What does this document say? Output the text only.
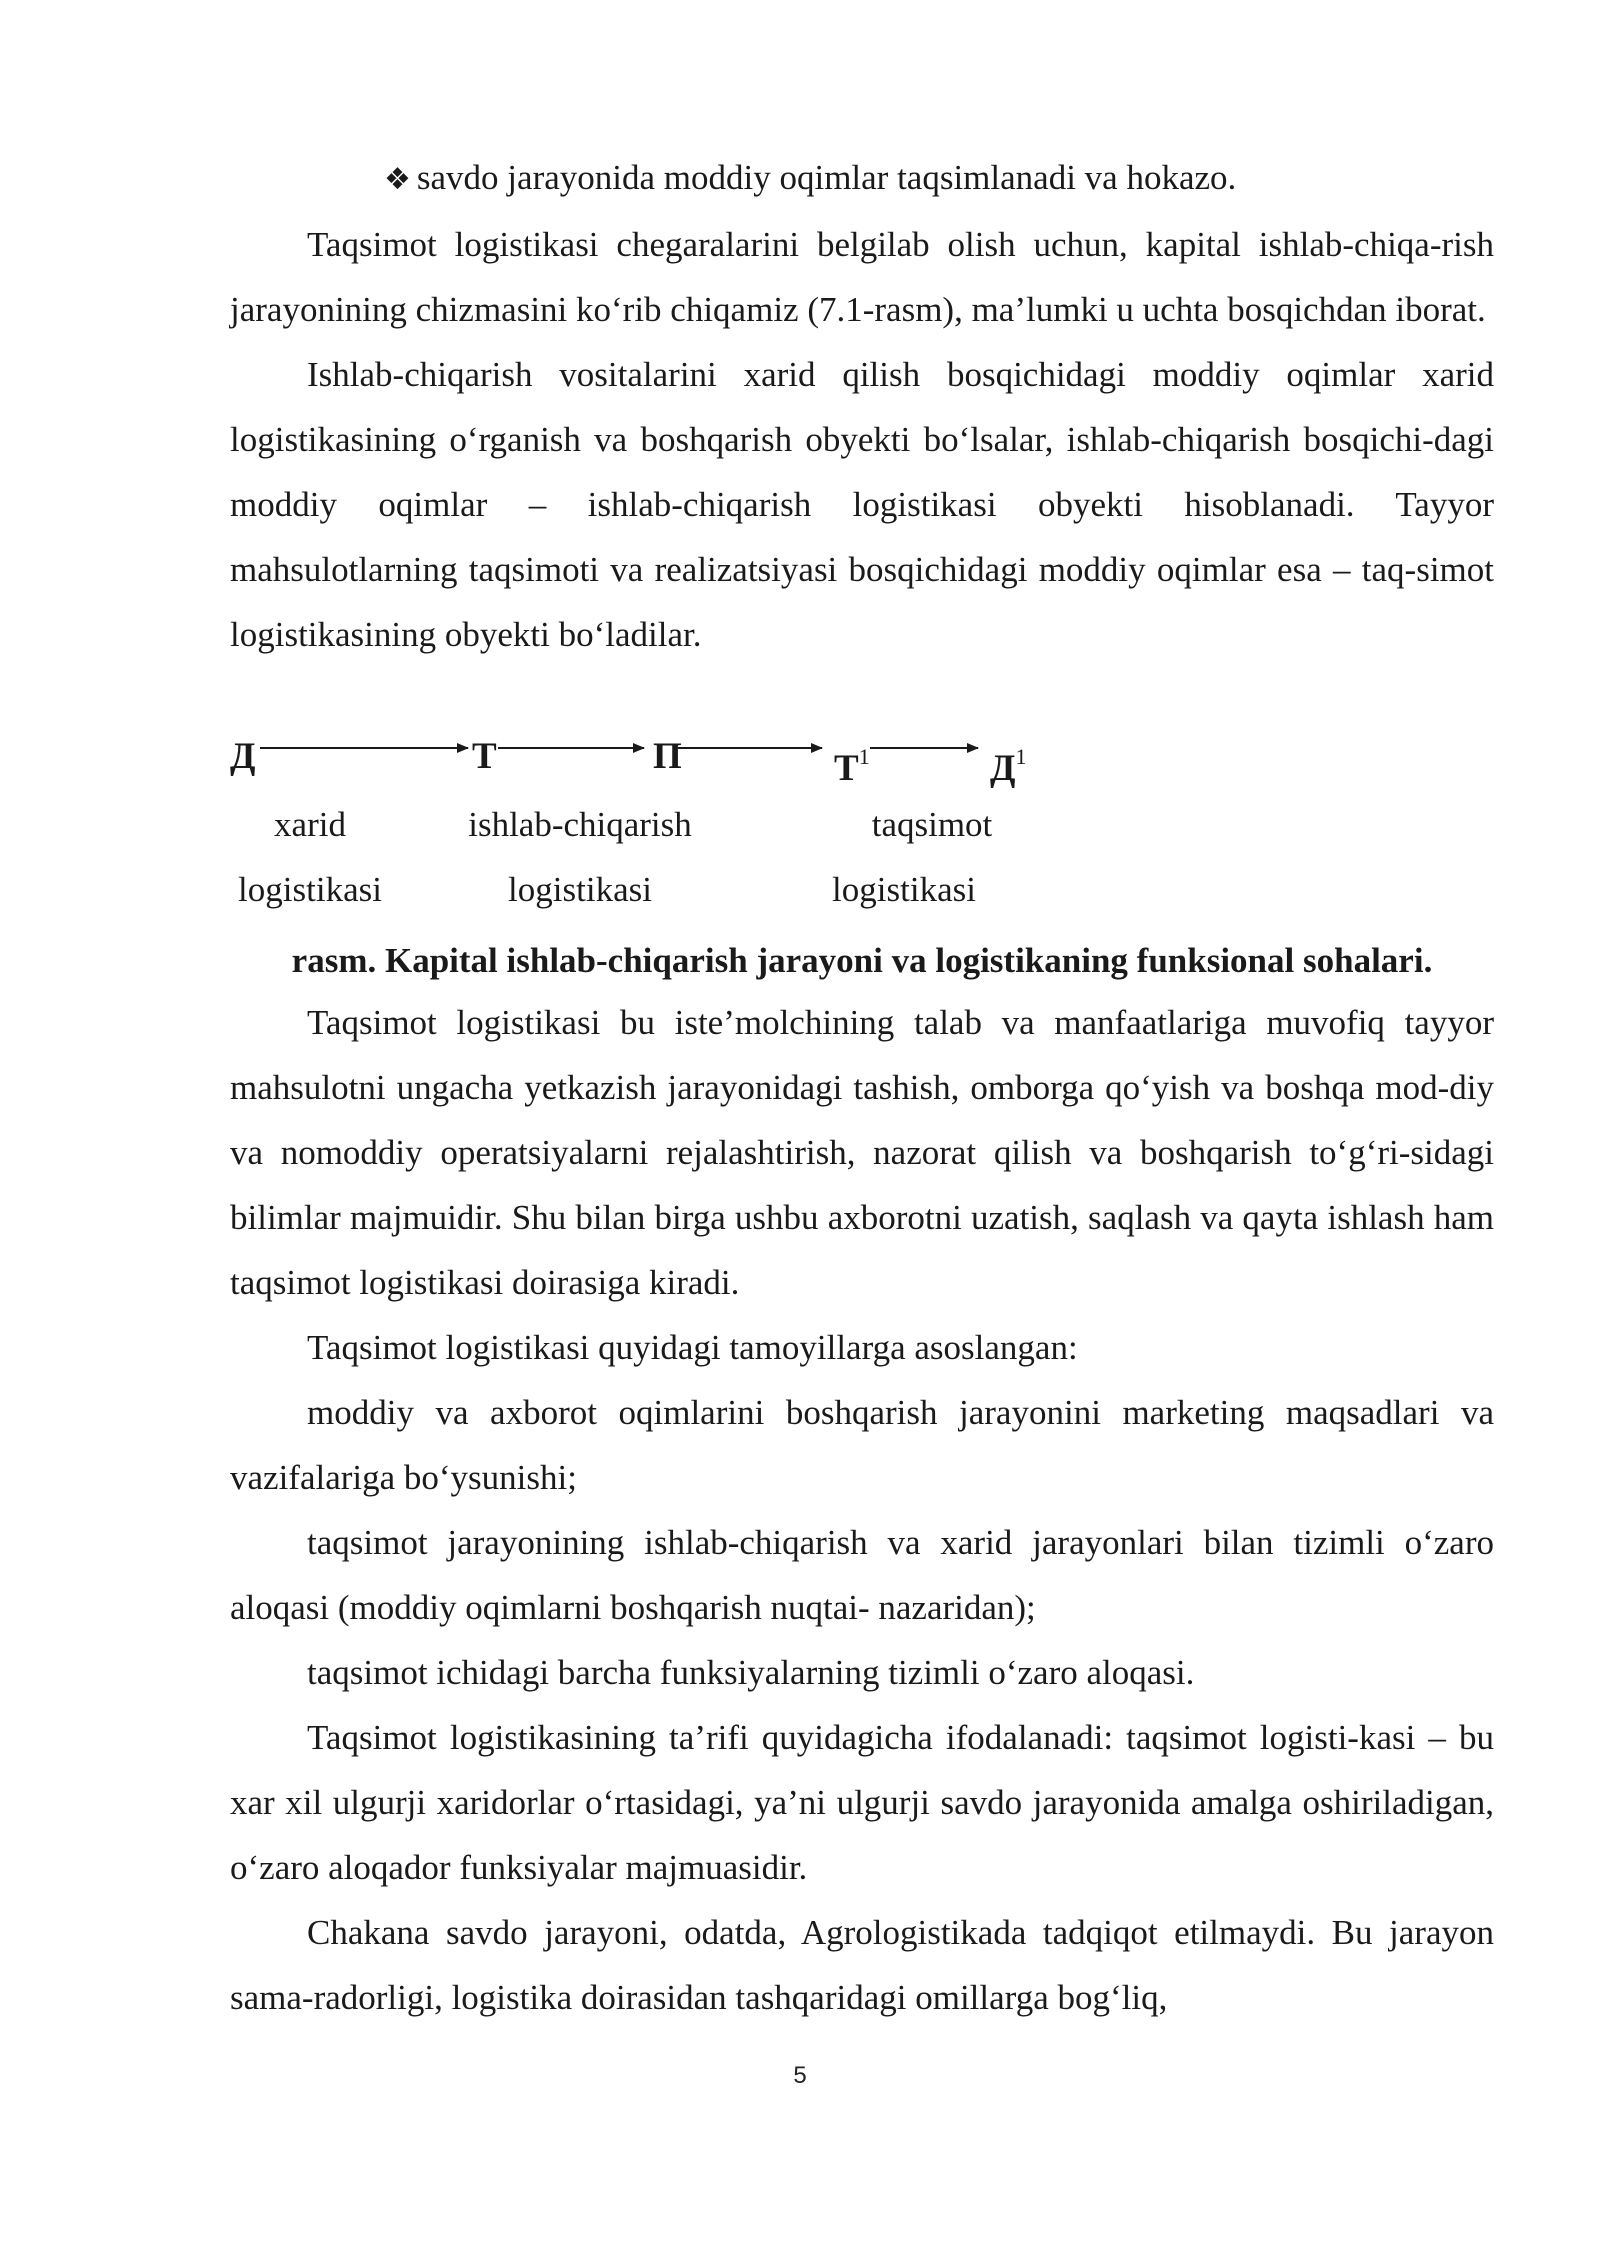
❖ savdo jarayonida moddiy oqimlar taqsimlanadi va hokazo.

Taqsimot logistikasi chegaralarini belgilab olish uchun, kapital ishlab-chiqa-rish jarayonining chizmasini ko‘rib chiqamiz (7.1-rasm), ma’lumki u uchta bosqichdan iborat.

Ishlab-chiqarish vositalarini xarid qilish bosqichidagi moddiy oqimlar xarid logistikasining o‘rganish va boshqarish obyekti bo‘lsalar, ishlab-chiqarish bosqichi-dagi moddiy oqimlar – ishlab-chiqarish logistikasi obyekti hisoblanadi. Tayyor mahsulotlarning taqsimoti va realizatsiyasi bosqichidagi moddiy oqimlar esa – taq-simot logistikasining obyekti bo‘ladilar.

Д	Т	П	$Т^1$	$Д^1$
xarid
logistikasi
ishlab-chiqarish
logistikasi
taqsimot
logistikasi
rasm. Kapital ishlab-chiqarish jarayoni va logistikaning funksional sohalari.

Taqsimot logistikasi bu iste’molchining talab va manfaatlariga muvofiq tayyor mahsulotni ungacha yetkazish jarayonidagi tashish, omborga qo‘yish va boshqa mod-diy va nomoddiy operatsiyalarni rejalashtirish, nazorat qilish va boshqarish to‘g‘ri-sidagi bilimlar majmuidir. Shu bilan birga ushbu axborotni uzatish, saqlash va qayta ishlash ham taqsimot logistikasi doirasiga kiradi.

Taqsimot logistikasi quyidagi tamoyillarga asoslangan:

moddiy va axborot oqimlarini boshqarish jarayonini marketing maqsadlari va vazifalariga bo‘ysunishi;

taqsimot jarayonining ishlab-chiqarish va xarid jarayonlari bilan tizimli o‘zaro aloqasi (moddiy oqimlarni boshqarish nuqtai- nazaridan);

taqsimot ichidagi barcha funksiyalarning tizimli o‘zaro aloqasi.

Taqsimot logistikasining ta’rifi quyidagicha ifodalanadi: taqsimot logisti-kasi – bu xar xil ulgurji xaridorlar o‘rtasidagi, ya’ni ulgurji savdo jarayonida amalga oshiriladigan, o‘zaro aloqador funksiyalar majmuasidir.

Chakana savdo jarayoni, odatda, Agrologistikada tadqiqot etilmaydi. Bu jarayon sama-radorligi, logistika doirasidan tashqaridagi omillarga bog‘liq,

5
